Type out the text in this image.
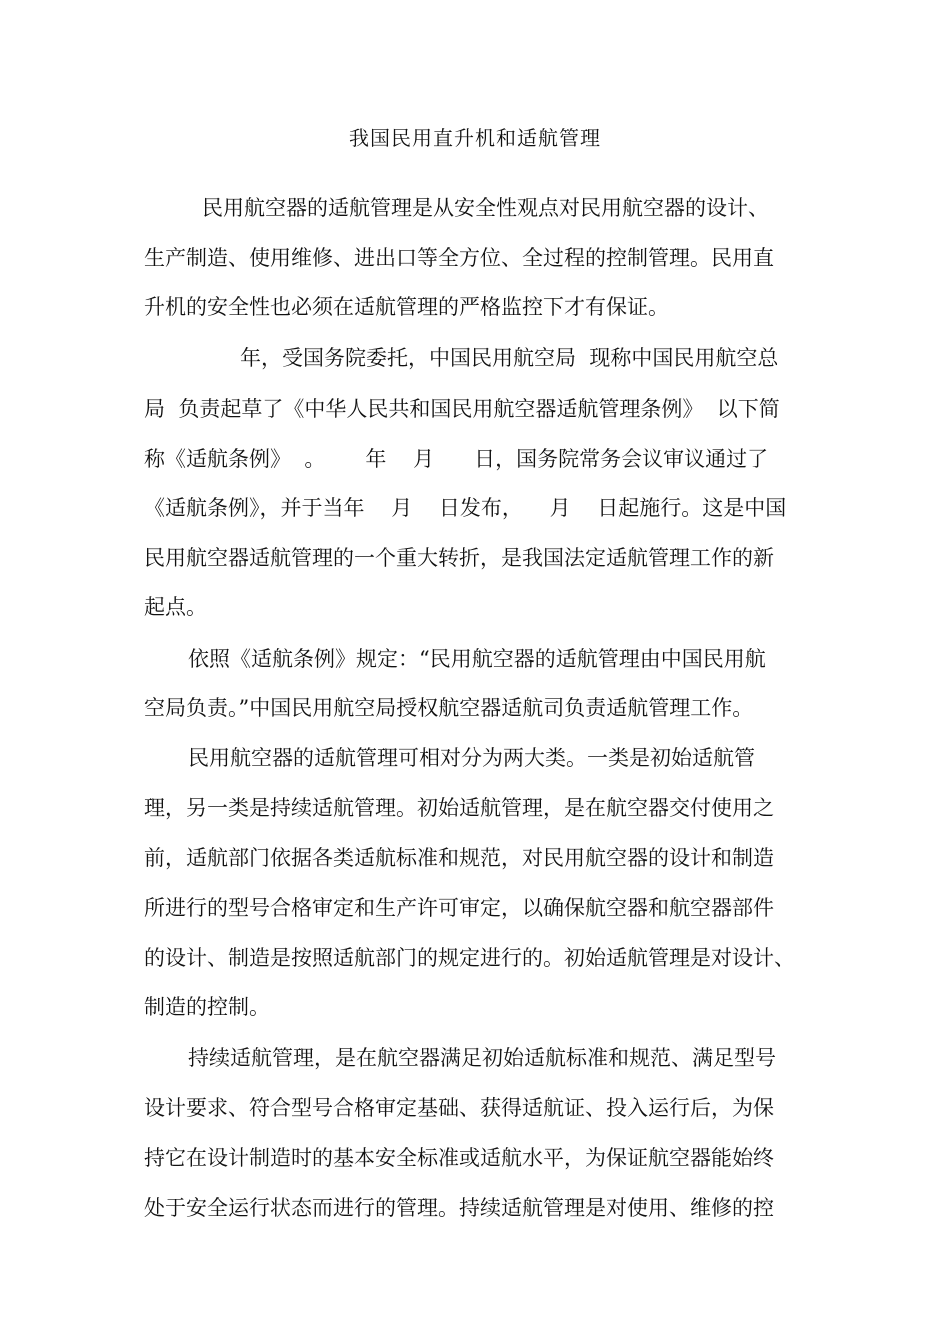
我国民用直升机和适航管理
民用航空器的适航管理是从安全性观点对民用航空器的设计、
生产制造、使用维修、进出口等全方位、全过程的控制管理。民用直
升机的安全性也必须在适航管理的严格监控下才有保证。
年，受国务院委托，中国民用航空局  现称中国民用航空总
局  负责起草了《中华人民共和国民用航空器适航管理条例》  以下简
称《适航条例》  。      年    月      日，国务院常务会议审议通过了
《适航条例》，并于当年    月    日发布，    月    日起施行。这是中国
民用航空器适航管理的一个重大转折，是我国法定适航管理工作的新
起点。
依照《适航条例》规定：“民用航空器的适航管理由中国民用航
空局负责。”中国民用航空局授权航空器适航司负责适航管理工作。
民用航空器的适航管理可相对分为两大类。一类是初始适航管
理，另一类是持续适航管理。初始适航管理，是在航空器交付使用之
前，适航部门依据各类适航标准和规范，对民用航空器的设计和制造
所进行的型号合格审定和生产许可审定，以确保航空器和航空器部件
的设计、制造是按照适航部门的规定进行的。初始适航管理是对设计、
制造的控制。
持续适航管理，是在航空器满足初始适航标准和规范、满足型号
设计要求、符合型号合格审定基础、获得适航证、投入运行后，为保
持它在设计制造时的基本安全标准或适航水平，为保证航空器能始终
处于安全运行状态而进行的管理。持续适航管理是对使用、维修的控
